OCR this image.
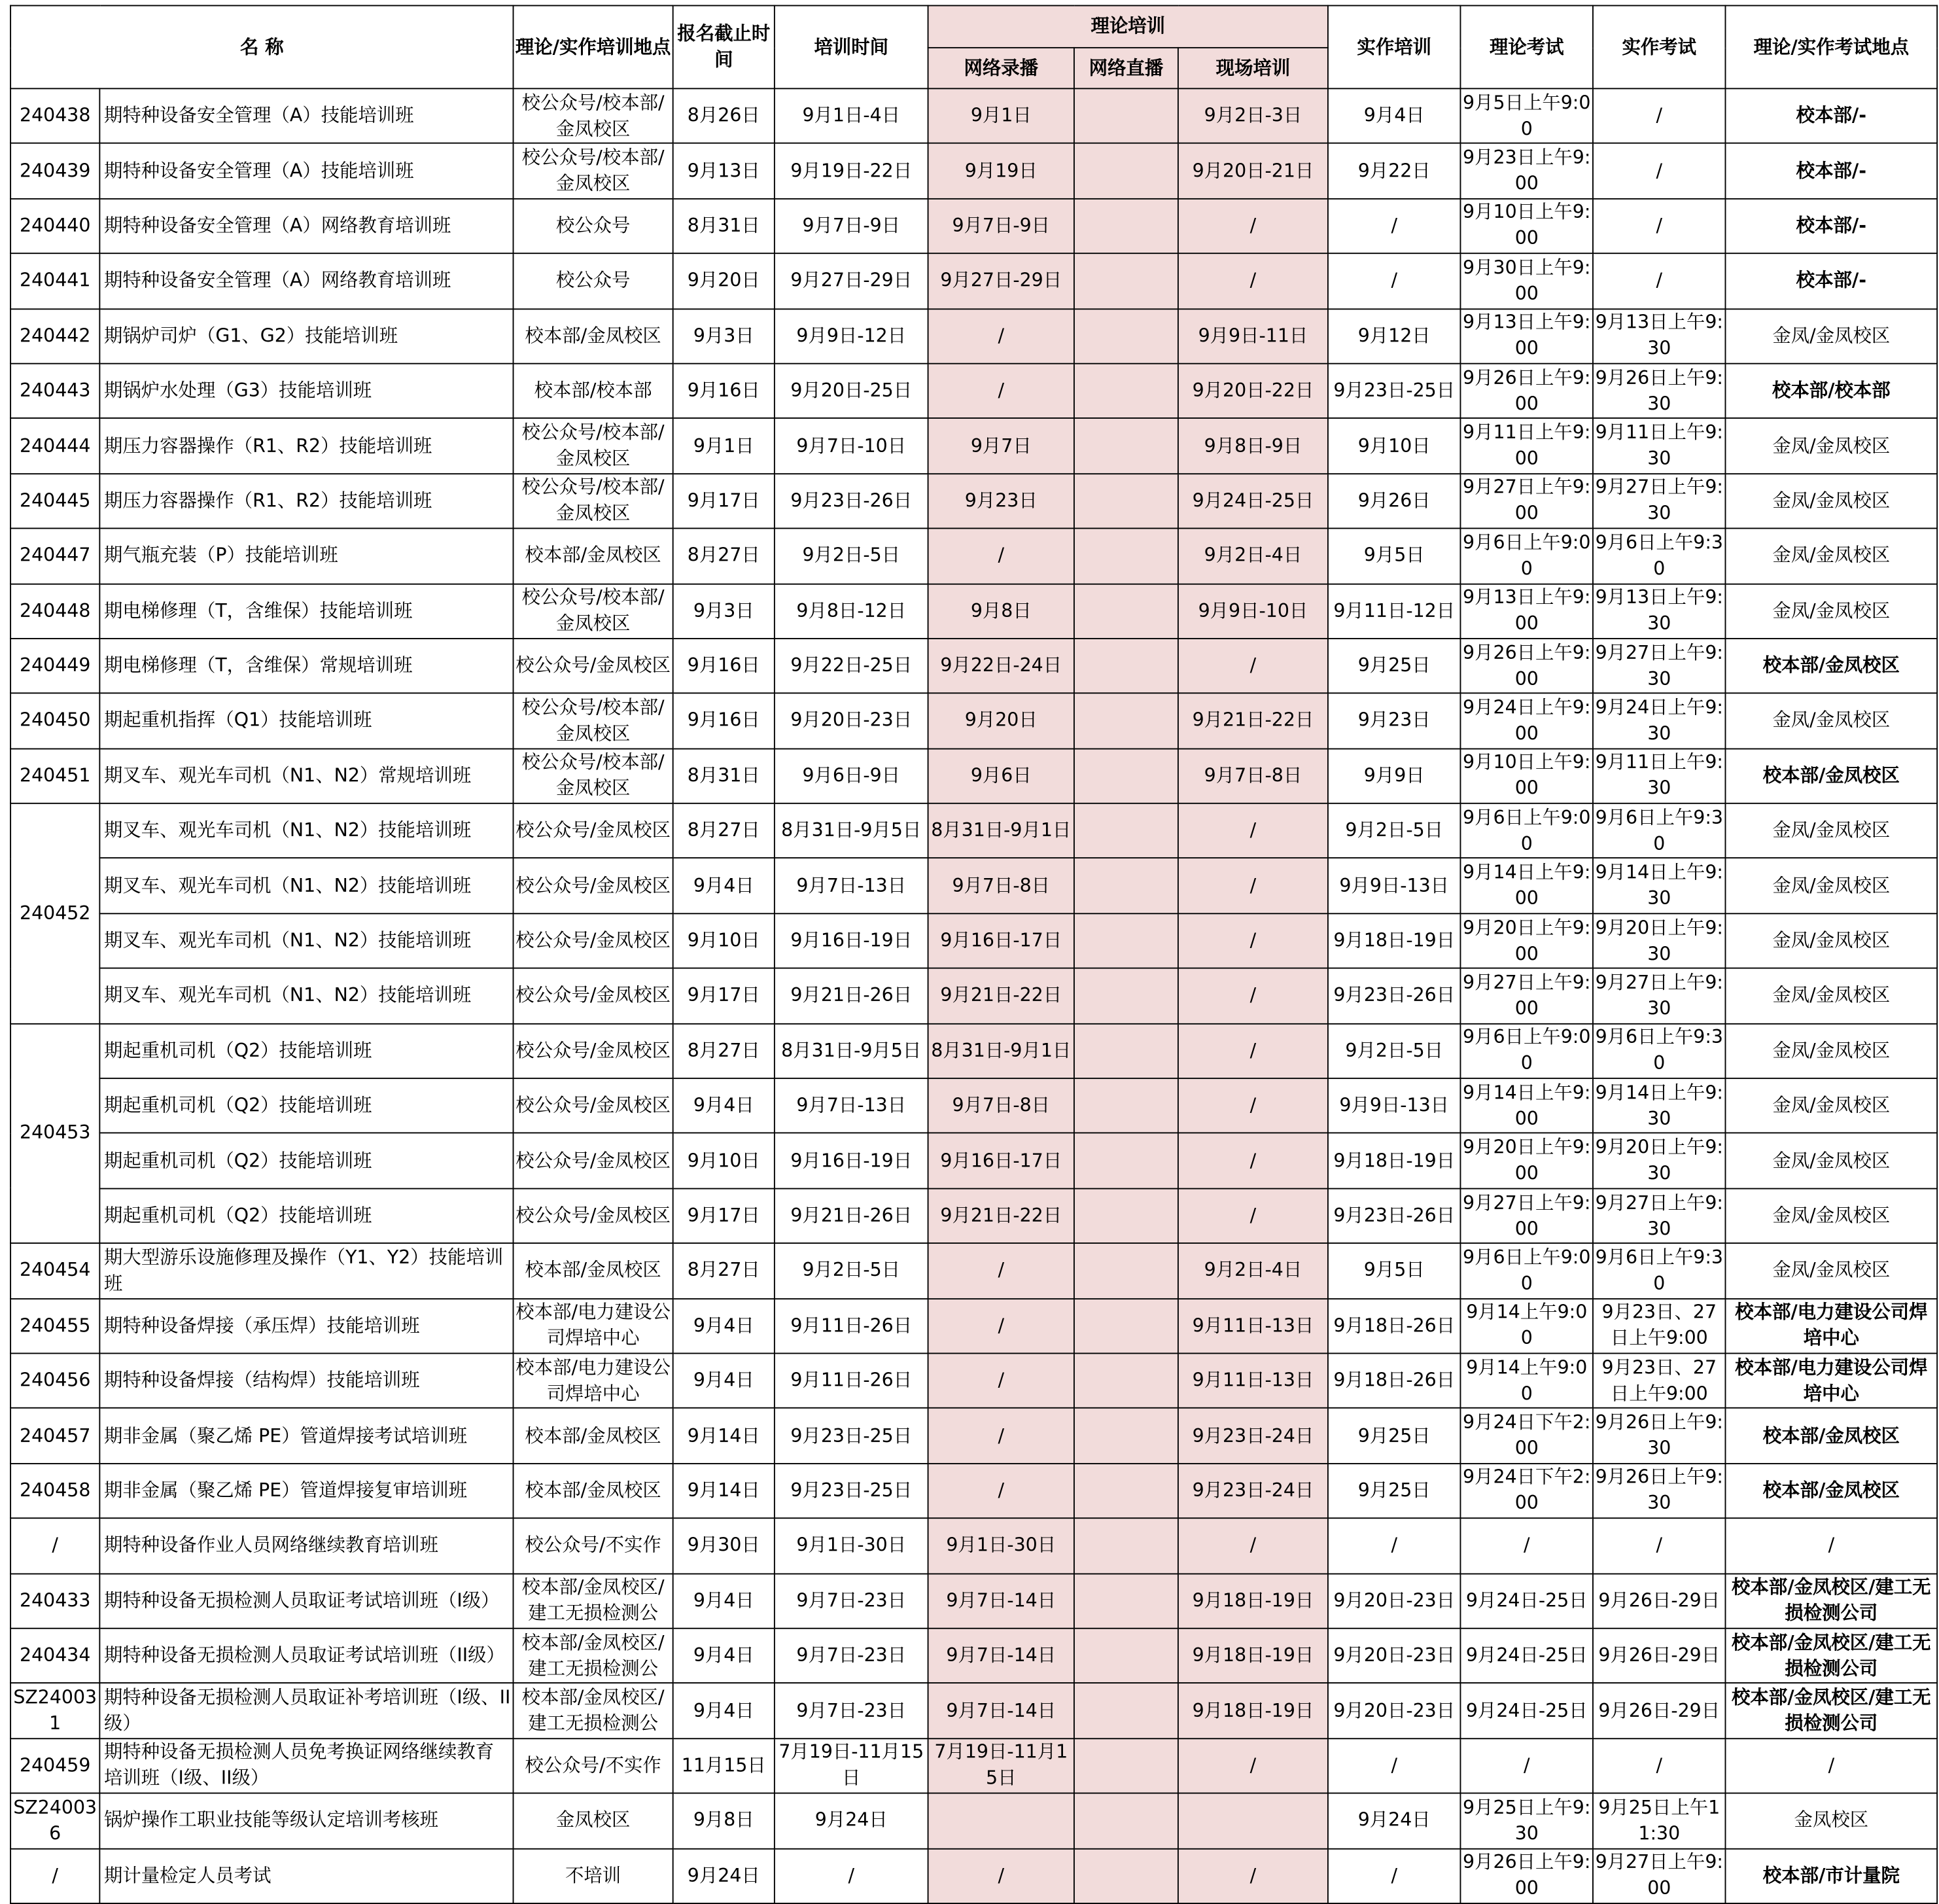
名 称		理论/实作培训地点	报名截止时间	培训时间	理论培训			实作培训	理论考试	实作考试	理论/实作考试地点
					网络录播	网络直播	现场培训				
240438	期特种设备安全管理（A）技能培训班	校公众号/校本部/金凤校区	8月26日	9月1日-4日	9月1日		9月2日-3日	9月4日	9月5日上午9:00	/	校本部/-
240439	期特种设备安全管理（A）技能培训班	校公众号/校本部/金凤校区	9月13日	9月19日-22日	9月19日		9月20日-21日	9月22日	9月23日上午9:00	/	校本部/-
240440	期特种设备安全管理（A）网络教育培训班	校公众号	8月31日	9月7日-9日	9月7日-9日		/	/	9月10日上午9:00	/	校本部/-
240441	期特种设备安全管理（A）网络教育培训班	校公众号	9月20日	9月27日-29日	9月27日-29日		/	/	9月30日上午9:00	/	校本部/-
240442	期锅炉司炉（G1、G2）技能培训班	校本部/金凤校区	9月3日	9月9日-12日	/		9月9日-11日	9月12日	9月13日上午9:00	9月13日上午9:30	金凤/金凤校区
240443	期锅炉水处理（G3）技能培训班	校本部/校本部	9月16日	9月20日-25日	/		9月20日-22日	9月23日-25日	9月26日上午9:00	9月26日上午9:30	校本部/校本部
240444	期压力容器操作（R1、R2）技能培训班	校公众号/校本部/金凤校区	9月1日	9月7日-10日	9月7日		9月8日-9日	9月10日	9月11日上午9:00	9月11日上午9:30	金凤/金凤校区
240445	期压力容器操作（R1、R2）技能培训班	校公众号/校本部/金凤校区	9月17日	9月23日-26日	9月23日		9月24日-25日	9月26日	9月27日上午9:00	9月27日上午9:30	金凤/金凤校区
240447	期气瓶充装（P）技能培训班	校本部/金凤校区	8月27日	9月2日-5日	/		9月2日-4日	9月5日	9月6日上午9:00	9月6日上午9:30	金凤/金凤校区
240448	期电梯修理（T，含维保）技能培训班	校公众号/校本部/金凤校区	9月3日	9月8日-12日	9月8日		9月9日-10日	9月11日-12日	9月13日上午9:00	9月13日上午9:30	金凤/金凤校区
240449	期电梯修理（T，含维保）常规培训班	校公众号/金凤校区	9月16日	9月22日-25日	9月22日-24日		/	9月25日	9月26日上午9:00	9月27日上午9:30	校本部/金凤校区
240450	期起重机指挥（Q1）技能培训班	校公众号/校本部/金凤校区	9月16日	9月20日-23日	9月20日		9月21日-22日	9月23日	9月24日上午9:00	9月24日上午9:30	金凤/金凤校区
240451	期叉车、观光车司机（N1、N2）常规培训班	校公众号/校本部/金凤校区	8月31日	9月6日-9日	9月6日		9月7日-8日	9月9日	9月10日上午9:00	9月11日上午9:30	校本部/金凤校区
240452	期叉车、观光车司机（N1、N2）技能培训班	校公众号/金凤校区	8月27日	8月31日-9月5日	8月31日-9月1日		/	9月2日-5日	9月6日上午9:00	9月6日上午9:30	金凤/金凤校区
	期叉车、观光车司机（N1、N2）技能培训班	校公众号/金凤校区	9月4日	9月7日-13日	9月7日-8日		/	9月9日-13日	9月14日上午9:00	9月14日上午9:30	金凤/金凤校区
	期叉车、观光车司机（N1、N2）技能培训班	校公众号/金凤校区	9月10日	9月16日-19日	9月16日-17日		/	9月18日-19日	9月20日上午9:00	9月20日上午9:30	金凤/金凤校区
	期叉车、观光车司机（N1、N2）技能培训班	校公众号/金凤校区	9月17日	9月21日-26日	9月21日-22日		/	9月23日-26日	9月27日上午9:00	9月27日上午9:30	金凤/金凤校区
240453	期起重机司机（Q2）技能培训班	校公众号/金凤校区	8月27日	8月31日-9月5日	8月31日-9月1日		/	9月2日-5日	9月6日上午9:00	9月6日上午9:30	金凤/金凤校区
	期起重机司机（Q2）技能培训班	校公众号/金凤校区	9月4日	9月7日-13日	9月7日-8日		/	9月9日-13日	9月14日上午9:00	9月14日上午9:30	金凤/金凤校区
	期起重机司机（Q2）技能培训班	校公众号/金凤校区	9月10日	9月16日-19日	9月16日-17日		/	9月18日-19日	9月20日上午9:00	9月20日上午9:30	金凤/金凤校区
	期起重机司机（Q2）技能培训班	校公众号/金凤校区	9月17日	9月21日-26日	9月21日-22日		/	9月23日-26日	9月27日上午9:00	9月27日上午9:30	金凤/金凤校区
240454	期大型游乐设施修理及操作（Y1、Y2）技能培训班	校本部/金凤校区	8月27日	9月2日-5日	/		9月2日-4日	9月5日	9月6日上午9:00	9月6日上午9:30	金凤/金凤校区
240455	期特种设备焊接（承压焊）技能培训班	校本部/电力建设公司焊培中心	9月4日	9月11日-26日	/		9月11日-13日	9月18日-26日	9月14上午9:00	9月23日、27日上午9:00	校本部/电力建设公司焊培中心
240456	期特种设备焊接（结构焊）技能培训班	校本部/电力建设公司焊培中心	9月4日	9月11日-26日	/		9月11日-13日	9月18日-26日	9月14上午9:00	9月23日、27日上午9:00	校本部/电力建设公司焊培中心
240457	期非金属（聚乙烯 PE）管道焊接考试培训班	校本部/金凤校区	9月14日	9月23日-25日	/		9月23日-24日	9月25日	9月24日下午2:00	9月26日上午9:30	校本部/金凤校区
240458	期非金属（聚乙烯 PE）管道焊接复审培训班	校本部/金凤校区	9月14日	9月23日-25日	/		9月23日-24日	9月25日	9月24日下午2:00	9月26日上午9:30	校本部/金凤校区
/	期特种设备作业人员网络继续教育培训班	校公众号/不实作	9月30日	9月1日-30日	9月1日-30日		/	/	/	/	/
240433	期特种设备无损检测人员取证考试培训班（I级）	校本部/金凤校区/建工无损检测公	9月4日	9月7日-23日	9月7日-14日		9月18日-19日	9月20日-23日	9月24日-25日	9月26日-29日	校本部/金凤校区/建工无损检测公司
240434	期特种设备无损检测人员取证考试培训班（II级）	校本部/金凤校区/建工无损检测公	9月4日	9月7日-23日	9月7日-14日		9月18日-19日	9月20日-23日	9月24日-25日	9月26日-29日	校本部/金凤校区/建工无损检测公司
SZ240031	期特种设备无损检测人员取证补考培训班（I级、II级）	校本部/金凤校区/建工无损检测公	9月4日	9月7日-23日	9月7日-14日		9月18日-19日	9月20日-23日	9月24日-25日	9月26日-29日	校本部/金凤校区/建工无损检测公司
240459	期特种设备无损检测人员免考换证网络继续教育培训班（I级、II级）	校公众号/不实作	11月15日	7月19日-11月15日	7月19日-11月15日		/	/	/	/	/
SZ240036	锅炉操作工职业技能等级认定培训考核班	金凤校区	9月8日	9月24日				9月24日	9月25日上午9:30	9月25日上午11:30	金凤校区
/	期计量检定人员考试	不培训	9月24日	/	/		/	/	9月26日上午9:00	9月27日上午9:00	校本部/市计量院
